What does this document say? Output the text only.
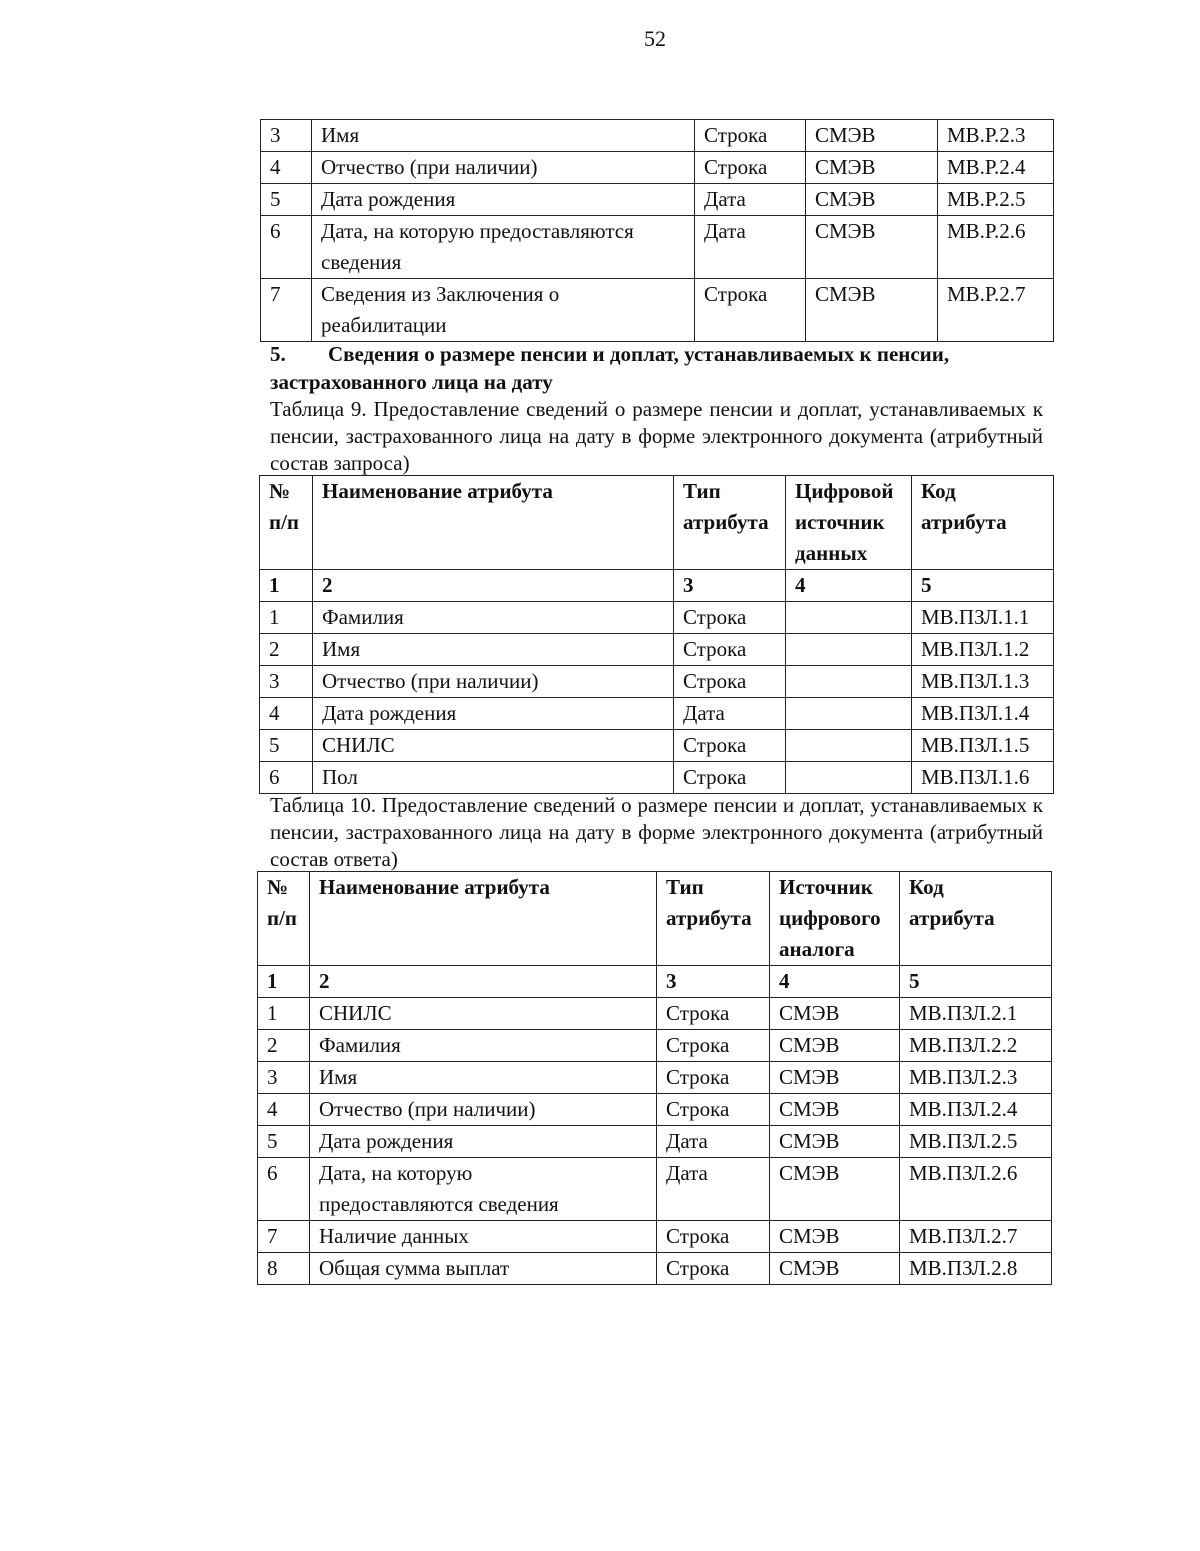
52
3	Имя	Строка	СМЭВ	МВ.Р.2.3
4	Отчество (при наличии)	Строка	СМЭВ	МВ.Р.2.4
5	Дата рождения	Дата	СМЭВ	МВ.Р.2.5
6	Дата, на которую предоставляются сведения	Дата	СМЭВ	МВ.Р.2.6
7	Сведения из Заключения о реабилитации	Строка	СМЭВ	МВ.Р.2.7
5. Сведения о размере пенсии и доплат, устанавливаемых к пенсии, застрахованного лица на дату
Таблица 9. Предоставление сведений о размере пенсии и доплат, устанавливаемых к пенсии, застрахованного лица на дату в форме электронного документа (атрибутный состав запроса)
№ п/п	Наименование атрибута	Тип атрибута	Цифровой источник данных	Код атрибута
1	2	3	4	5
1	Фамилия	Строка		МВ.ПЗЛ.1.1
2	Имя	Строка		МВ.ПЗЛ.1.2
3	Отчество (при наличии)	Строка		МВ.ПЗЛ.1.3
4	Дата рождения	Дата		МВ.ПЗЛ.1.4
5	СНИЛС	Строка		МВ.ПЗЛ.1.5
6	Пол	Строка		МВ.ПЗЛ.1.6
Таблица 10. Предоставление сведений о размере пенсии и доплат, устанавливаемых к пенсии, застрахованного лица на дату в форме электронного документа (атрибутный состав ответа)
№ п/п	Наименование атрибута	Тип атрибута	Источник цифрового аналога	Код атрибута
1	2	3	4	5
1	СНИЛС	Строка	СМЭВ	МВ.ПЗЛ.2.1
2	Фамилия	Строка	СМЭВ	МВ.ПЗЛ.2.2
3	Имя	Строка	СМЭВ	МВ.ПЗЛ.2.3
4	Отчество (при наличии)	Строка	СМЭВ	МВ.ПЗЛ.2.4
5	Дата рождения	Дата	СМЭВ	МВ.ПЗЛ.2.5
6	Дата, на которую предоставляются сведения	Дата	СМЭВ	МВ.ПЗЛ.2.6
7	Наличие данных	Строка	СМЭВ	МВ.ПЗЛ.2.7
8	Общая сумма выплат	Строка	СМЭВ	МВ.ПЗЛ.2.8
